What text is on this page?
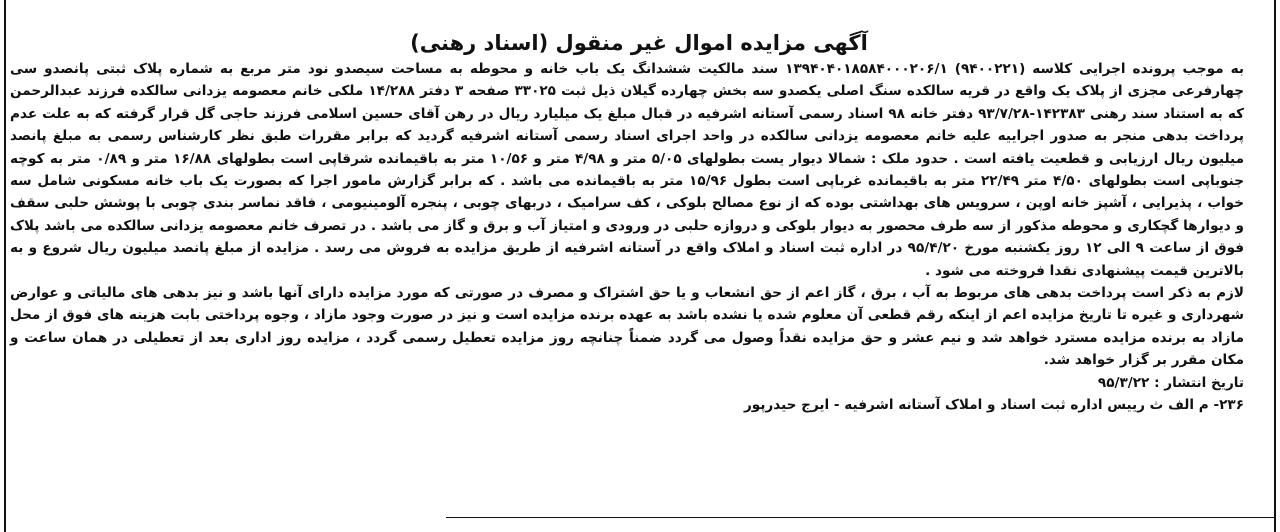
آگهی مزایده اموال غیر منقول (اسناد رهنی)

به موجب پرونده اجرایی کلاسه (۹۴۰۰۲۲۱) ۱۳۹۴۰۴۰۱۸۵۸۴۰۰۰۲۰۶/۱ سند مالکیت ششدانگ یک باب خانه و محوطه به مساحت سیصدو نود متر مربع به شماره پلاک ثبتی پانصدو سی چهارفرعی مجزی از پلاک یک واقع در قریه سالکده سنگ اصلی یکصدو سه بخش چهارده گیلان ذیل ثبت ۳۳۰۲۵ صفحه ۳ دفتر ۱۴/۲۸۸ ملکی خانم معصومه یزدانی سالکده فرزند عبدالرحمن که به استناد سند رهنی ۱۴۲۳۸۳-۹۳/۷/۲۸ دفتر خانه ۹۸ اسناد رسمی آستانه اشرفیه در قبال مبلغ یک میلیارد ریال در رهن آقای حسین اسلامی فرزند حاجی گل قرار گرفته که به علت عدم پرداخت بدهی منجر به صدور اجراییه علیه خانم معصومه یزدانی سالکده در واحد اجرای اسناد رسمی آستانه اشرفیه گردید که برابر مقررات طبق نظر کارشناس رسمی به مبلغ پانصد میلیون ریال ارزیابی و قطعیت یافته است . حدود ملک : شمالا دیوار یست بطولهای ۵/۰۵ متر و ۴/۹۸ متر و ۱۰/۵۶ متر به باقیمانده شرقاپی است بطولهای ۱۶/۸۸ متر و ۰/۸۹ متر به کوچه جنوباپی است بطولهای ۴/۵۰ متر ۲۲/۴۹ متر به باقیمانده غرباپی است بطول ۱۵/۹۶ متر به باقیمانده می باشد . که برابر گزارش مامور اجرا که بصورت یک باب خانه مسکونی شامل سه خواب ، پذیرایی ، آشپز خانه اوپن ، سرویس های بهداشتی بوده که از نوع مصالح بلوکی ، کف سرامیک ، دربهای چوبی ، پنجره آلومینیومی ، فاقد نماسر بندی چوبی با پوشش حلبی سقف و دیوارها گچکاری و محوطه مذکور از سه طرف محصور به دیوار بلوکی و دروازه حلبی در ورودی و امتیاز آب و برق و گاز می باشد . در تصرف خانم معصومه یزدانی سالکده می باشد پلاک فوق از ساعت ۹ الی ۱۲ روز یکشنبه مورخ ۹۵/۴/۲۰ در اداره ثبت اسناد و املاک واقع در آستانه اشرفیه از طریق مزایده به فروش می رسد . مزایده از مبلغ پانصد میلیون ریال شروع و به بالاترین قیمت پیشنهادی نقدا فروخته می شود .

لازم به ذکر است پرداخت بدهی های مربوط به آب ، برق ، گاز اعم از حق انشعاب و یا حق اشتراک و مصرف در صورتی که مورد مزایده دارای آنها باشد و نیز بدهی های مالیاتی و عوارض شهرداری و غیره تا تاریخ مزایده اعم از اینکه رقم قطعی آن معلوم شده یا نشده باشد به عهده برنده مزایده است و نیز در صورت وجود مازاد ، وجوه پرداختی بابت هزینه های فوق از محل مازاد به برنده مزایده مسترد خواهد شد و نیم عشر و حق مزایده نقداً وصول می گردد ضمناً چنانچه روز مزایده تعطیل رسمی گردد ، مزایده روز اداری بعد از تعطیلی در همان ساعت و مکان مقرر بر گزار خواهد شد.

تاریخ انتشار : ۹۵/۳/۲۲

۲۳۶- م الف ث رییس اداره ثبت اسناد و املاک آستانه اشرفیه - ایرج حیدرپور
